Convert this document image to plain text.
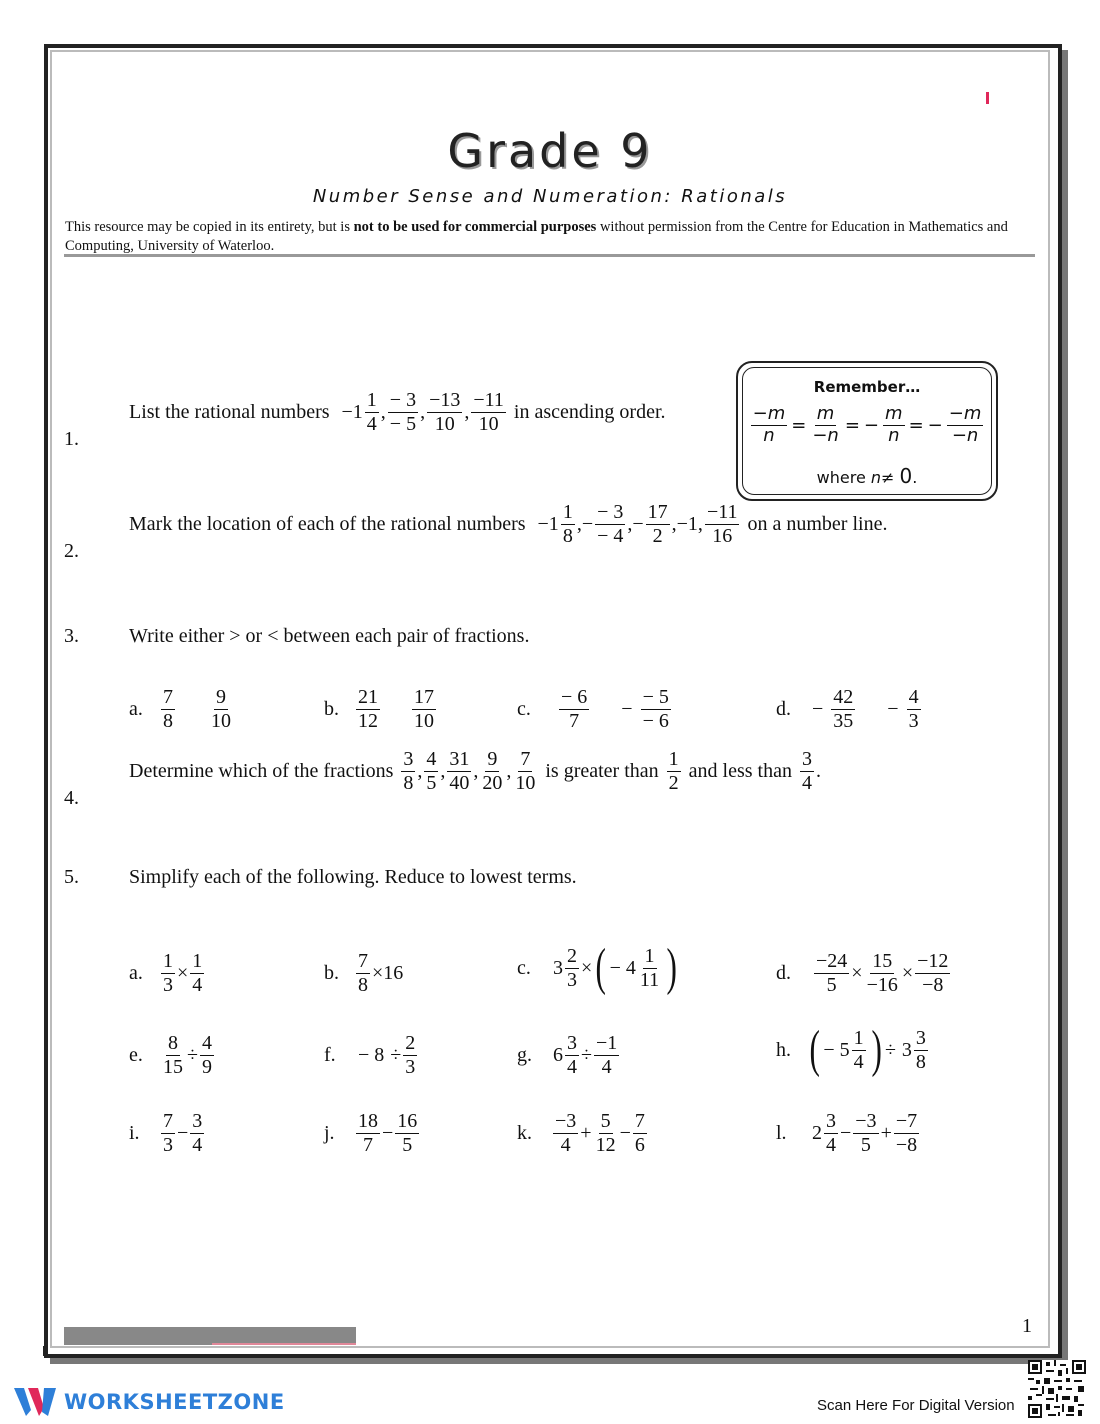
Grade 9
Number Sense and Numeration: Rationals
This resource may be copied in its entirety, but is not to be used for commercial purposes without permission from the Centre for Education in Mathematics and Computing, University of Waterloo.
Remember…
$\frac{-m}{n} = \frac{m}{-n}$ = − $\frac{m}{n}$ = − $\frac{-m}{-n}$
where n≠ 0.
1.
List the rational numbers $-1 \frac{1}{4}$ , $\frac{- 3}{- 5}$ , $\frac{-13}{10}$ , $\frac{-11}{10}$ in ascending order.
2.
Mark the location of each of the rational numbers $-1 \frac{1}{8}$ , − $\frac{- 3}{- 4}$ , − $\frac{17}{2}$ , −1, $\frac{-11}{16}$ on a number line.
3.	Write either > or < between each pair of fractions.
a. $\frac{7}{8} \frac{9}{10}$	b. $\frac{21}{12} \frac{17}{10}$	c.	$\frac{- 6}{7} - \frac{- 5}{- 6}$	d.	− $\frac{42}{35} - \frac{4}{3}$
4.
Determine which of the fractions $\frac{3}{8}$ , $\frac{4}{5}$ , $\frac{31}{40}$ , $\frac{9}{20}$ , $\frac{7}{10}$ is greater than $\frac{1}{2}$ and less than $\frac{3}{4}$ .
5.	Simplify each of the following. Reduce to lowest terms.
a. $\frac{1}{3} \times \frac{1}{4}$	b. $\frac{7}{8} \times 16$	c.	$3 \frac{2}{3}$ × ( − $4 \frac{1}{11}$ )	d.	$\frac{-24}{5} \times \frac{15}{-16} \times \frac{-12}{-8}$
e. $\frac{8}{15} \div \frac{4}{9}$	f.	− $8 \div \frac{2}{3}$	g.	$6 \frac{3}{4} \div \frac{-1}{4}$	h. ( − $5 \frac{1}{4}$ ) ÷ $3 \frac{3}{8}$
i.	$\frac{7}{3} - \frac{3}{4}$	j.	$\frac{18}{7} - \frac{16}{5}$	k.	$\frac{-3}{4} + \frac{5}{12} - \frac{7}{6}$	l.	$2 \frac{3}{4} - \frac{-3}{5} + \frac{-7}{-8}$
1
WORKSHEETZONE	Scan Here For Digital Version
